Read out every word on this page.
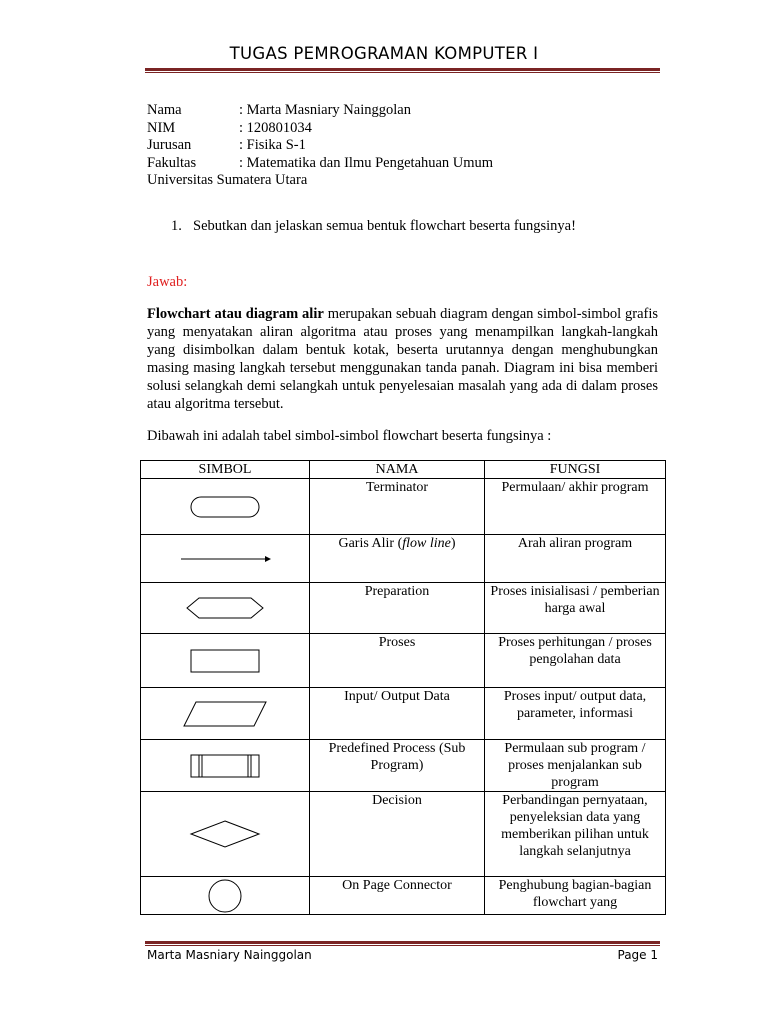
TUGAS PEMROGRAMAN KOMPUTER I
Nama	: Marta Masniary Nainggolan
NIM	: 120801034
Jurusan	: Fisika S-1
Fakultas	: Matematika dan Ilmu Pengetahuan Umum
Universitas Sumatera Utara
1. Sebutkan dan jelaskan semua bentuk flowchart beserta fungsinya!
Jawab:
Flowchart atau diagram alir merupakan sebuah diagram dengan simbol-simbol grafis yang menyatakan aliran algoritma atau proses yang menampilkan langkah-langkah yang disimbolkan dalam bentuk kotak, beserta urutannya dengan menghubungkan masing masing langkah tersebut menggunakan tanda panah. Diagram ini bisa memberi solusi selangkah demi selangkah untuk penyelesaian masalah yang ada di dalam proses atau algoritma tersebut.
Dibawah ini adalah tabel simbol-simbol flowchart beserta fungsinya :
SIMBOL	NAMA	FUNGSI

	Terminator	Permulaan/ akhir program

	Garis Alir (flow line)	Arah aliran program

	Preparation	Proses inisialisasi / pemberian harga awal

	Proses	Proses perhitungan / proses pengolahan data

	Input/ Output Data	Proses input/ output data, parameter, informasi

	Predefined Process (Sub Program)	Permulaan sub program / proses menjalankan sub program

	Decision	Perbandingan pernyataan, penyeleksian data yang memberikan pilihan untuk langkah selanjutnya

	On Page Connector	Penghubung bagian-bagian flowchart yang
Marta Masniary Nainggolan	Page 1
